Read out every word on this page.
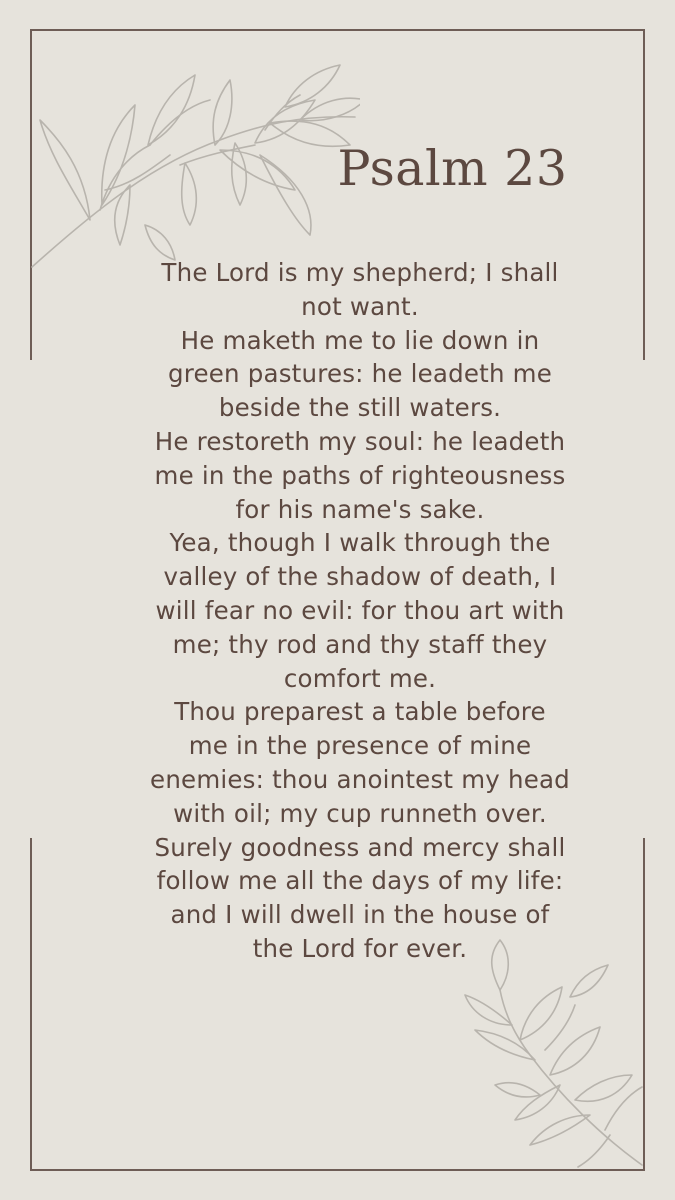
Psalm 23
The Lord is my shepherd; I shall
not want.
He maketh me to lie down in
green pastures: he leadeth me
beside the still waters.
He restoreth my soul: he leadeth
me in the paths of righteousness
for his name's sake.
Yea, though I walk through the
valley of the shadow of death, I
will fear no evil: for thou art with
me; thy rod and thy staff they
comfort me.
Thou preparest a table before
me in the presence of mine
enemies: thou anointest my head
with oil; my cup runneth over.
Surely goodness and mercy shall
follow me all the days of my life:
and I will dwell in the house of
the Lord for ever.
